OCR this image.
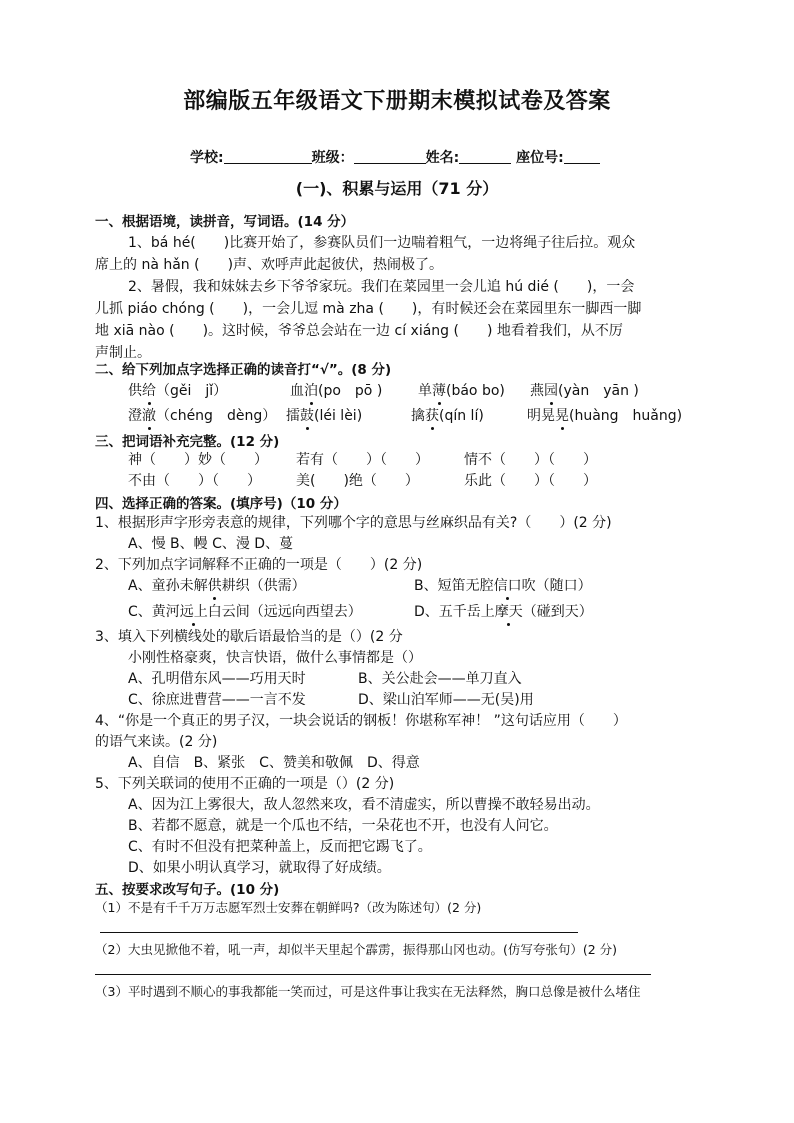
部编版五年级语文下册期末模拟试卷及答案
学校:	班级：	姓名:	座位号:
(一)、积累与运用（71 分）
一、根据语境，读拼音，写词语。(14 分）
1、bá hé(　　)比赛开始了，参赛队员们一边喘着粗气，一边将绳子往后拉。观众
席上的 nà hǎn (　　)声、欢呼声此起彼伏，热闹极了。
2、暑假，我和妹妹去乡下爷爷家玩。我们在菜园里一会儿追 hú dié (　　)，一会
儿抓 piáo chóng (　　)，一会儿逗 mà zha (　　)，有时候还会在菜园里东一脚西一脚
地 xiā nào (　　)。这时候，爷爷总会站在一边 cí xiáng (　　) 地看着我们，从不厉
声制止。
二、给下列加点字选择正确的读音打“√”。(8 分)
供给（gěi　jǐ）	血泊(po　pō )	单薄(báo bo) 燕园(yàn　yān )
澄澈（chéng　dèng） 擂鼓(léi lèi)	擒获(qín lí)	明晃晃(huàng　huǎng)
三、把词语补充完整。(12 分)
神（　　）妙（　　） 若有（　　）（　　）	情不（　　）（　　）
不由（　　）（　　）	美(　　)绝（　　）	乐此（　　）（　　）
四、选择正确的答案。(填序号)（10 分）
1、根据形声字形旁表意的规律，下列哪个字的意思与丝麻织品有关?（　　）(2 分)
A、慢 B、幔 C、漫 D、蔓
2、下列加点字词解释不正确的一项是（　　）(2 分)
A、童孙未解供耕织（供需）	B、短笛无腔信口吹（随口）
C、黄河远上白云间（远远向西望去）	D、五千岳上摩天（碰到天）
3、填入下列横线处的歇后语最恰当的是（）(2 分
小刚性格豪爽，快言快语，做什么事情都是（）
A、孔明借东风——巧用天时	B、关公赴会——单刀直入
C、徐庶进曹营——一言不发	D、梁山泊军师——无(吴)用
4、“你是一个真正的男子汉，一块会说话的钢板！你堪称军神！ ”这句话应用（　　）
的语气来读。(2 分)
A、自信　B、紧张　C、赞美和敬佩　D、得意
5、下列关联词的使用不正确的一项是（）(2 分)
A、因为江上雾很大，敌人忽然来攻，看不清虚实，所以曹操不敢轻易出动。
B、若都不愿意，就是一个瓜也不结，一朵花也不开，也没有人问它。
C、有时不但没有把菜种盖上，反而把它踢飞了。
D、如果小明认真学习，就取得了好成绩。
五、按要求改写句子。(10 分)
（1）不是有千千万万志愿军烈士安葬在朝鲜吗?（改为陈述句）(2 分)
（2）大虫见掀他不着，吼一声，却似半天里起个霹雳，振得那山冈也动。(仿写夸张句）(2 分)
（3）平时遇到不顺心的事我都能一笑而过，可是这件事让我实在无法释然，胸口总像是被什么堵住
